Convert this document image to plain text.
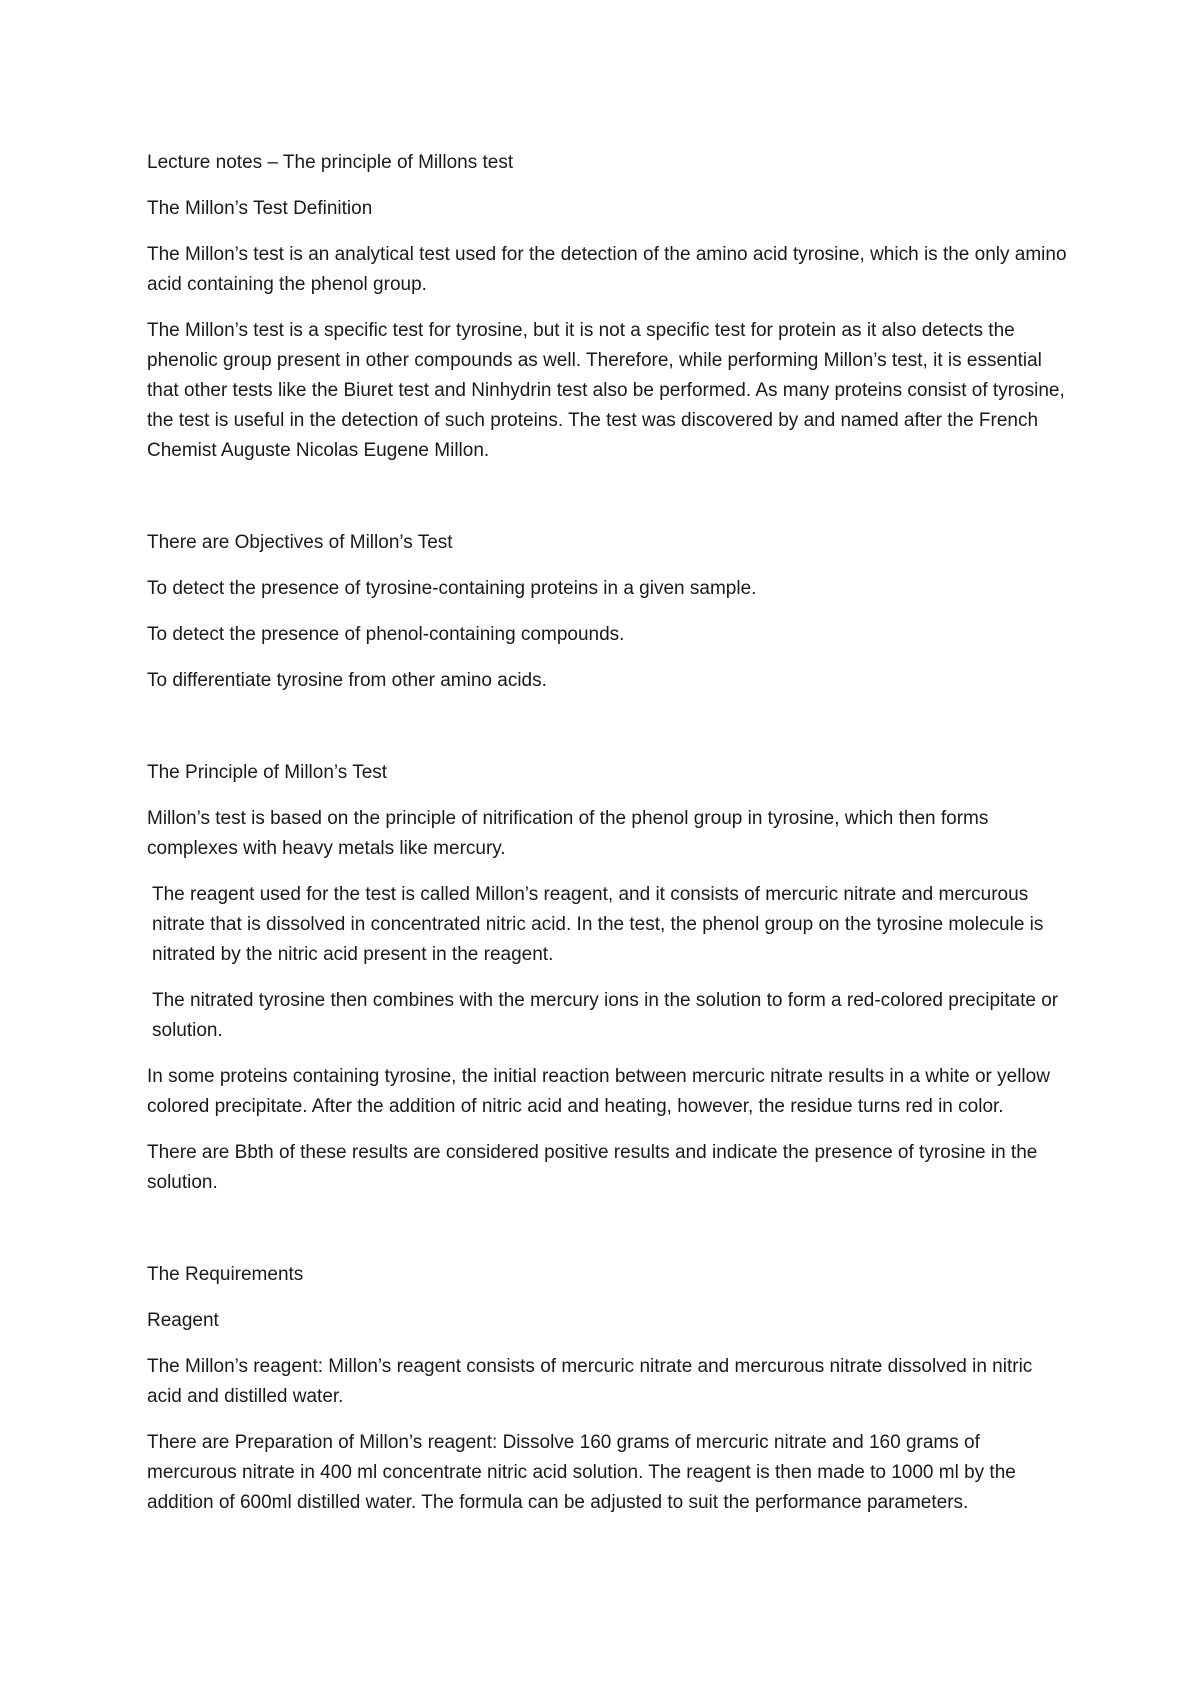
Lecture notes – The principle of Millons test

The Millon’s Test Definition

The Millon’s test is an analytical test used for the detection of the amino acid tyrosine, which is the only amino acid containing the phenol group.

The Millon’s test is a specific test for tyrosine, but it is not a specific test for protein as it also detects the phenolic group present in other compounds as well. Therefore, while performing Millon’s test, it is essential that other tests like the Biuret test and Ninhydrin test also be performed. As many proteins consist of tyrosine, the test is useful in the detection of such proteins. The test was discovered by and named after the French Chemist Auguste Nicolas Eugene Millon.

There are Objectives of Millon’s Test

To detect the presence of tyrosine-containing proteins in a given sample.

To detect the presence of phenol-containing compounds.

To differentiate tyrosine from other amino acids.

The Principle of Millon’s Test

Millon’s test is based on the principle of nitrification of the phenol group in tyrosine, which then forms complexes with heavy metals like mercury.

The reagent used for the test is called Millon’s reagent, and it consists of mercuric nitrate and mercurous nitrate that is dissolved in concentrated nitric acid. In the test, the phenol group on the tyrosine molecule is nitrated by the nitric acid present in the reagent.

The nitrated tyrosine then combines with the mercury ions in the solution to form a red-colored precipitate or solution.

In some proteins containing tyrosine, the initial reaction between mercuric nitrate results in a white or yellow colored precipitate. After the addition of nitric acid and heating, however, the residue turns red in color.

There are Bbth of these results are considered positive results and indicate the presence of tyrosine in the solution.

The Requirements

Reagent

The Millon’s reagent: Millon’s reagent consists of mercuric nitrate and mercurous nitrate dissolved in nitric acid and distilled water.

There are Preparation of Millon’s reagent: Dissolve 160 grams of mercuric nitrate and 160 grams of mercurous nitrate in 400 ml concentrate nitric acid solution. The reagent is then made to 1000 ml by the addition of 600ml distilled water. The formula can be adjusted to suit the performance parameters.
